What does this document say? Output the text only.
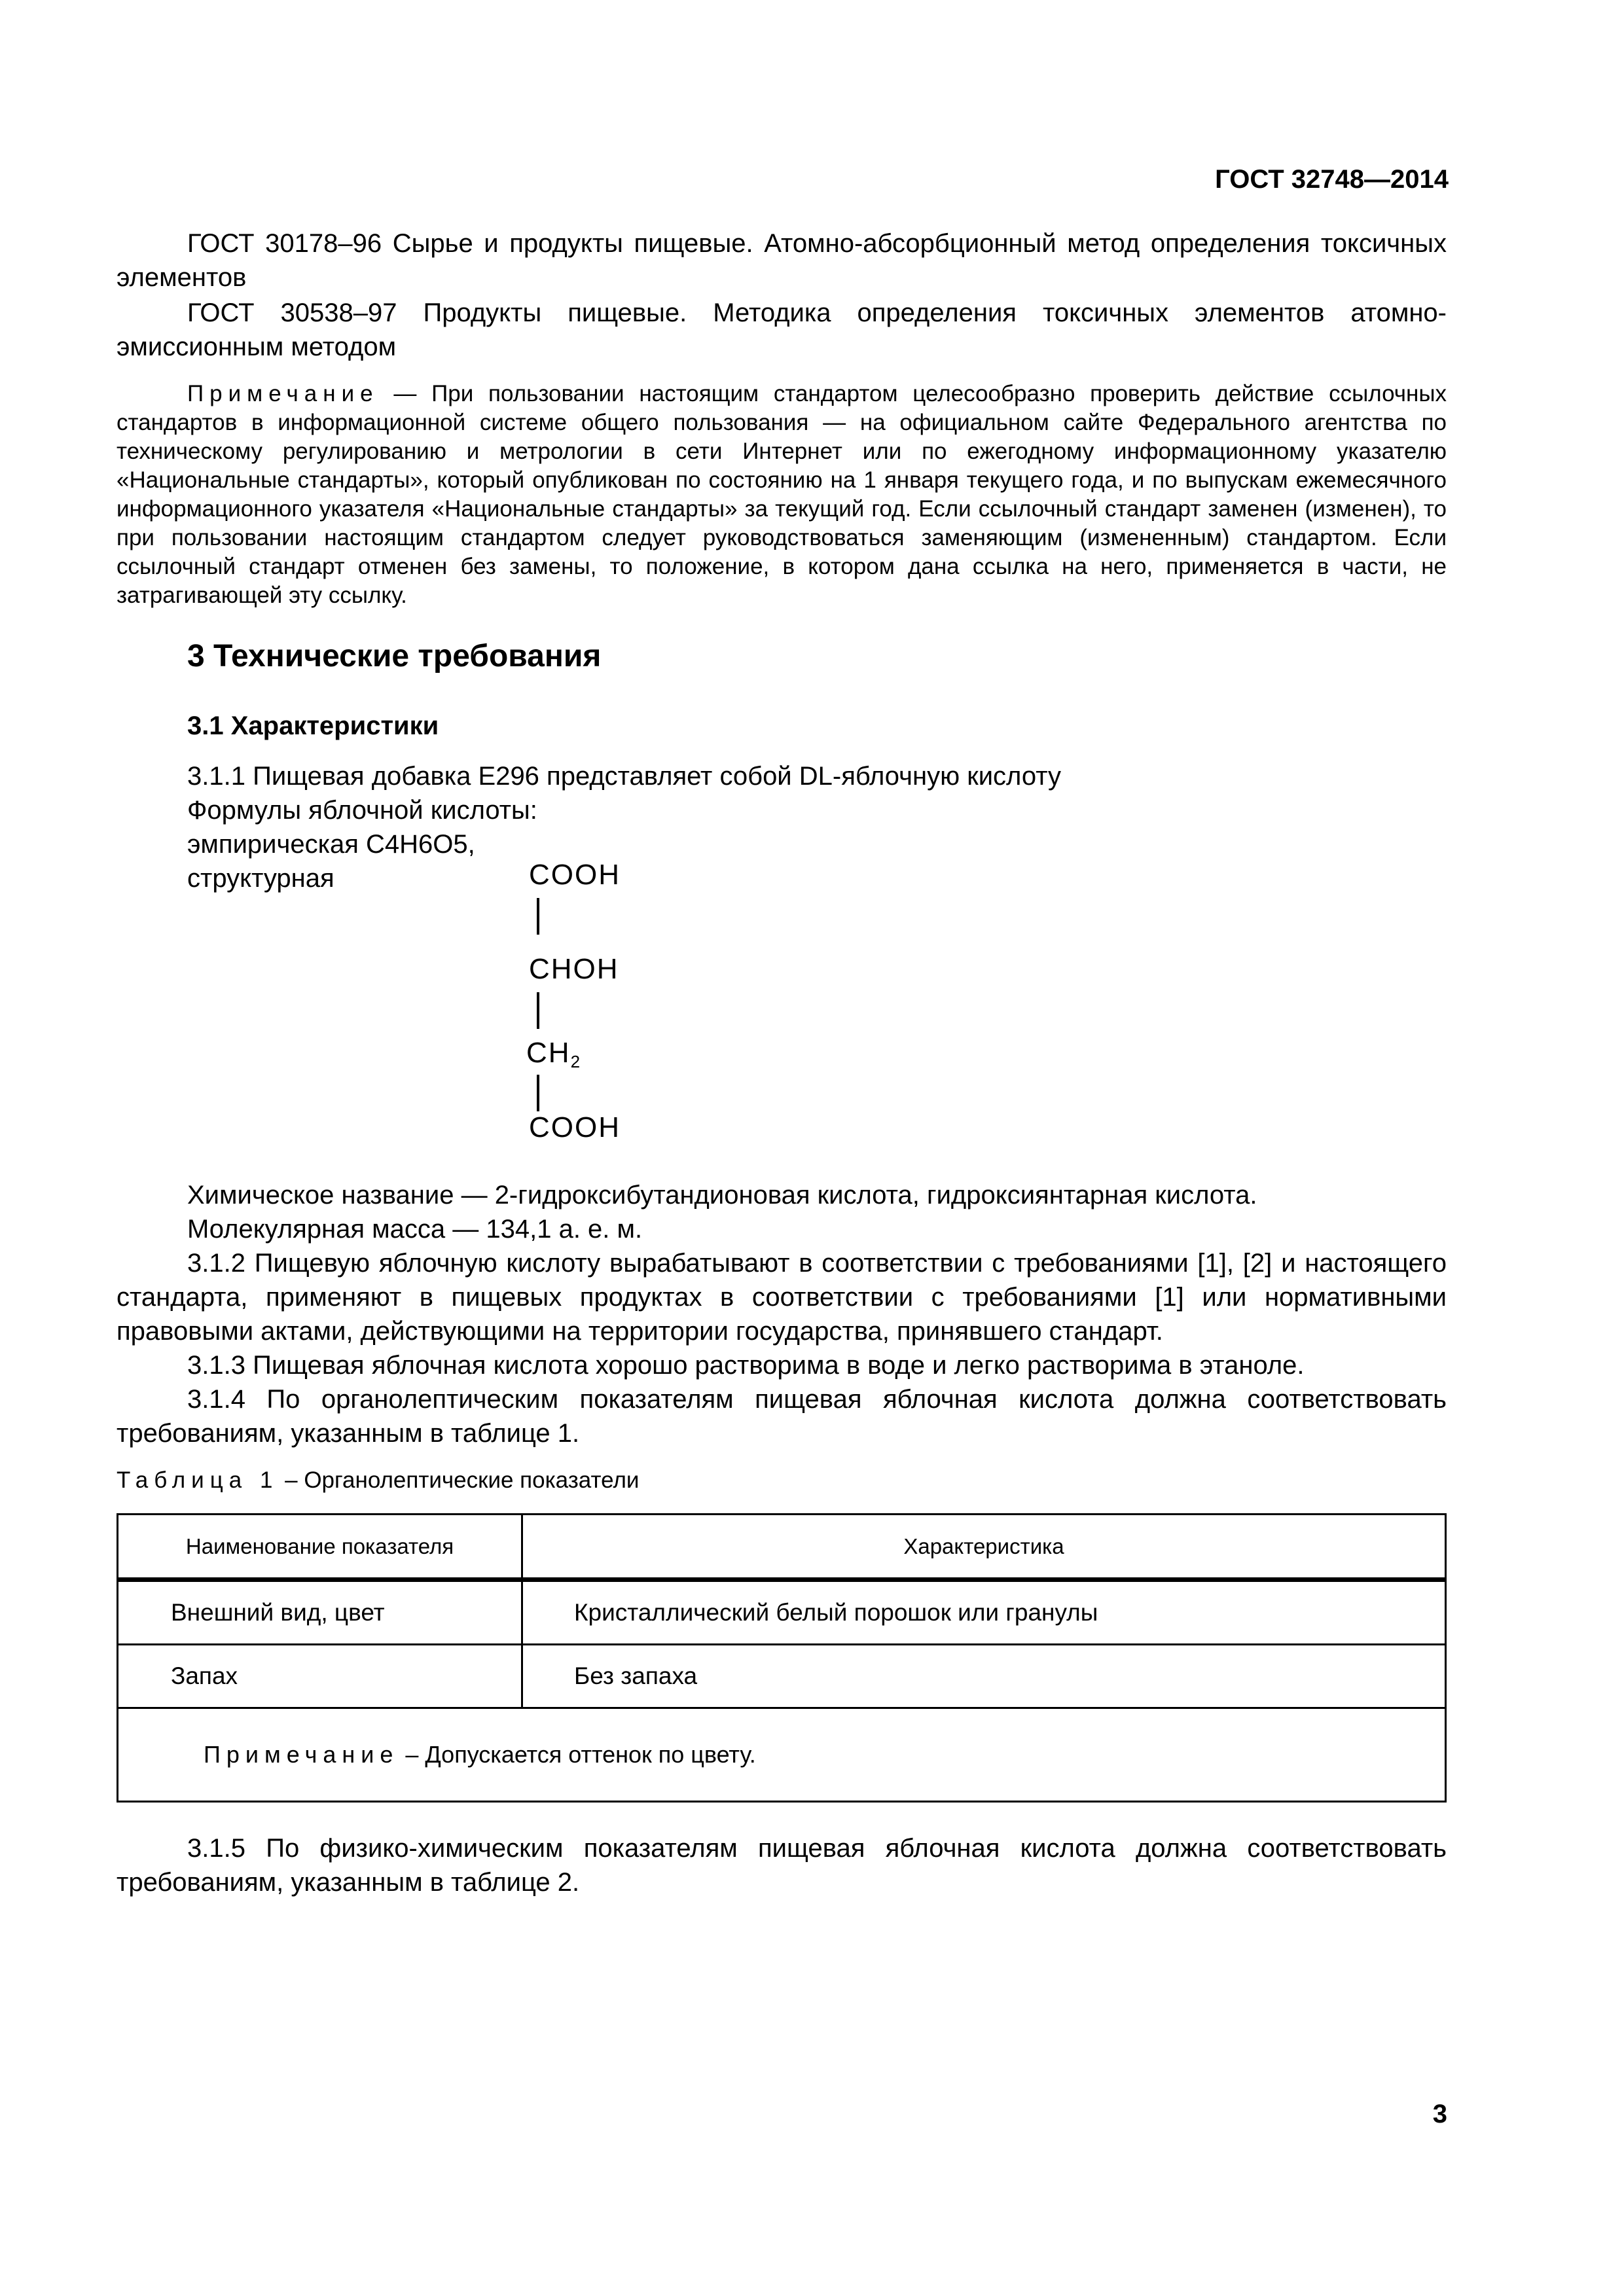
ГОСТ 32748—2014
ГОСТ 30178–96 Сырье и продукты пищевые. Атомно-абсорбционный метод определения токсичных элементов
ГОСТ 30538–97 Продукты пищевые. Методика определения токсичных элементов атомно-эмиссионным методом
Примечание — При пользовании настоящим стандартом целесообразно проверить действие ссылочных стандартов в информационной системе общего пользования — на официальном сайте Федерального агентства по техническому регулированию и метрологии в сети Интернет или по ежегодному информационному указателю «Национальные стандарты», который опубликован по состоянию на 1 января текущего года, и по выпускам ежемесячного информационного указателя «Национальные стандарты» за текущий год. Если ссылочный стандарт заменен (изменен), то при пользовании настоящим стандартом следует руководствоваться заменяющим (измененным) стандартом. Если ссылочный стандарт отменен без замены, то положение, в котором дана ссылка на него, применяется в части, не затрагивающей эту ссылку.
3 Технические требования
3.1 Характеристики
3.1.1 Пищевая добавка Е296 представляет собой DL-яблочную кислоту
Формулы яблочной кислоты:
эмпирическая С4Н6О5,
структурная	COOH
CHOH
$CH_2$
COOH
Химическое название — 2-гидроксибутандионовая кислота, гидроксиянтарная кислота.
Молекулярная масса — 134,1 а. е. м.
3.1.2 Пищевую яблочную кислоту вырабатывают в соответствии с требованиями [1], [2] и настоящего стандарта, применяют в пищевых продуктах в соответствии с требованиями [1] или нормативными правовыми актами, действующими на территории государства, принявшего стандарт.
3.1.3 Пищевая яблочная кислота хорошо растворима в воде и легко растворима в этаноле.
3.1.4 По органолептическим показателям пищевая яблочная кислота должна соответствовать требованиям, указанным в таблице 1.
Таблица 1 – Органолептические показатели
Наименование показателя	Характеристика
Внешний вид, цвет	Кристаллический белый порошок или гранулы
Запах	Без запаха
Примечание – Допускается оттенок по цвету.	
3.1.5 По физико-химическим показателям пищевая яблочная кислота должна соответствовать требованиям, указанным в таблице 2.
3
